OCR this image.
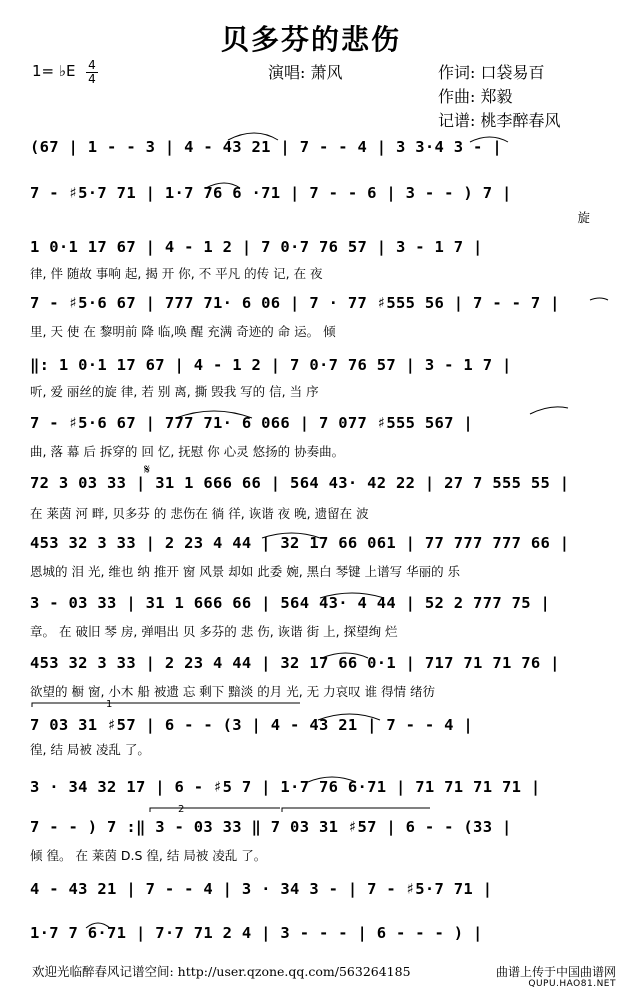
贝多芬的悲伤
1= ♭E 4
4	演唱: 萧风	作词: 口袋易百
作曲: 郑毅
记谱: 桃李醉春风
(67 | 1 - - 3 | 4 - 43 21 | 7 - - 4 | 3 3·4 3 - |
7 - ♯5·7 71 | 1·7 76 6 ·71 | 7 - - 6 | 3 - - ) 7 |
旋
1 0·1 17 67 | 4 - 1 2 | 7 0·7 76 57 | 3 - 1 7 |
律, 伴 随故 事响 起, 揭 开 你, 不 平凡 的传 记, 在 夜
7 - ♯5·6 67 | 777 71· 6 06 | 7 · 77 ♯555 56 | 7 - - 7 |
里, 天 使 在 黎明前 降 临,唤 醒 充满 奇迹的 命 运。 倾
‖: 1 0·1 17 67 | 4 - 1 2 | 7 0·7 76 57 | 3 - 1 7 |
听, 爱 丽丝的旋 律, 若 别 离, 撕 毁我 写的 信, 当 序
7 - ♯5·6 67 | 777 71· 6 066 | 7 077 ♯555 567 |
曲, 落 幕 后 拆穿的 回 忆, 抚慰 你 心灵 悠扬的 协奏曲。
72 3 03 33 | 31 1 666 66 | 564 43· 42 22 | 27 7 555 55 |
在 莱茵 河 畔, 贝多芬 的 悲伤在 徜 徉, 诙谐 夜 晚, 遗留在 波
453 32 3 33 | 2 23 4 44 | 32 17 66 061 | 77 777 777 66 |
恩城的 泪 光, 维也 纳 推开 窗 风景 却如 此委 婉, 黑白 琴键 上谱写 华丽的 乐
3 - 03 33 | 31 1 666 66 | 564 43· 4 44 | 52 2 777 75 |
章。 在 破旧 琴 房, 弹唱出 贝 多芬的 悲 伤, 诙谐 街 上, 探望绚 烂
453 32 3 33 | 2 23 4 44 | 32 17 66 0·1 | 717 71 71 76 |
欲望的 橱 窗, 小木 船 被遗 忘 剩下 黯淡 的月 光, 无 力哀叹 谁 得情 绪彷
7 03 31 ♯57 | 6 - - (3 | 4 - 43 21 | 7 - - 4 |
徨, 结 局被 凌乱 了。
3 · 34 32 17 | 6 - ♯5 7 | 1·7 76 6·71 | 71 71 71 71 |
7 - - ) 7 :‖ 3 - 03 33 ‖ 7 03 31 ♯57 | 6 - - (33 |
倾 徨。 在 莱茵 D.S 徨, 结 局被 凌乱 了。
4 - 43 21 | 7 - - 4 | 3 · 34 3 - | 7 - ♯5·7 71 |
1·7 7 6·71 | 7·7 71 2 4 | 3 - - - | 6 - - - ) |
1
2
𝄋
欢迎光临醉春风记谱空间: http://user.qzone.qq.com/563264185	曲谱上传于中国曲谱网
QUPU.HAO81.NET
